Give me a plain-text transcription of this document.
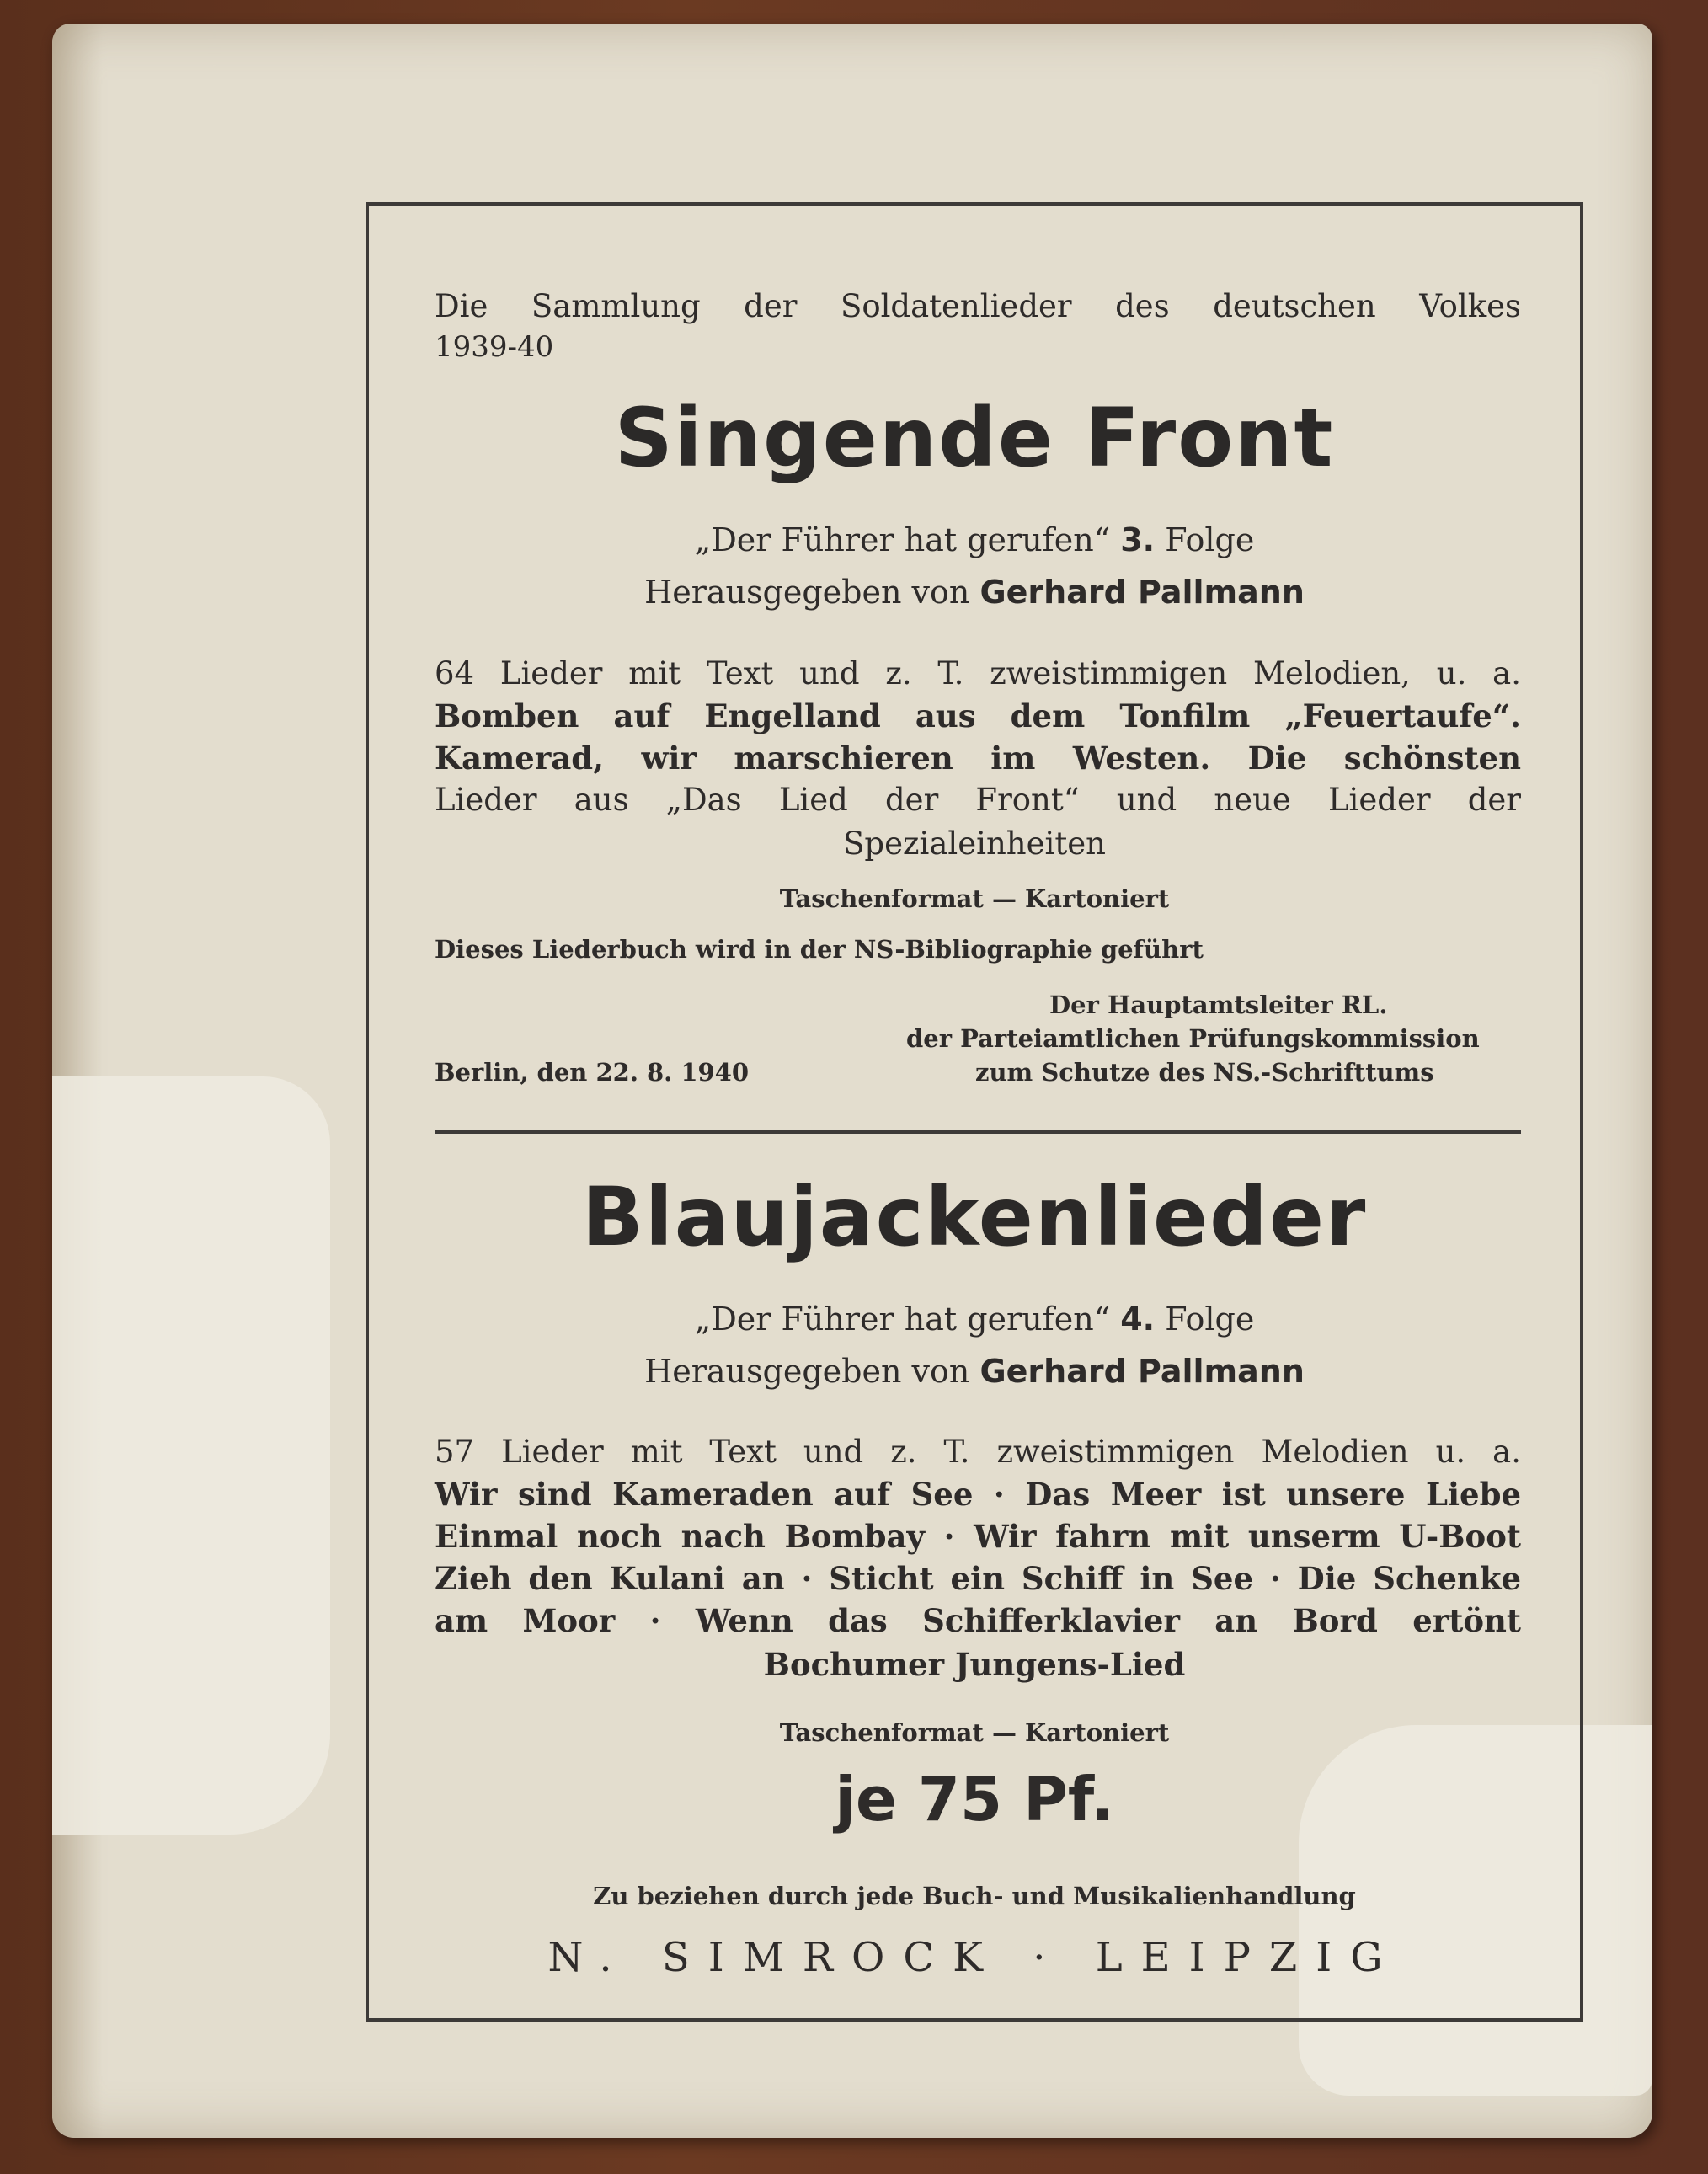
Die Sammlung der Soldatenlieder des deutschen Volkes
1939-40
Singende Front
„Der Führer hat gerufen“ 3. Folge
Herausgegeben von Gerhard Pallmann
64 Lieder mit Text und z. T. zweistimmigen Melodien, u. a.
Bomben auf Engelland aus dem Tonfilm „Feuertaufe“.
Kamerad, wir marschieren im Westen. Die schönsten
Lieder aus „Das Lied der Front“ und neue Lieder der
Spezialeinheiten
Taschenformat — Kartoniert
Dieses Liederbuch wird in der NS-Bibliographie geführt
Der Hauptamtsleiter RL.
der Parteiamtlichen Prüfungskommission
Berlin, den 22. 8. 1940	zum Schutze des NS.-Schrifttums
Blaujackenlieder
„Der Führer hat gerufen“ 4. Folge
Herausgegeben von Gerhard Pallmann
57 Lieder mit Text und z. T. zweistimmigen Melodien u. a.
Wir sind Kameraden auf See · Das Meer ist unsere Liebe
Einmal noch nach Bombay · Wir fahrn mit unserm U-Boot
Zieh den Kulani an · Sticht ein Schiff in See · Die Schenke
am Moor · Wenn das Schifferklavier an Bord ertönt
Bochumer Jungens-Lied
Taschenformat — Kartoniert
je 75 Pf.
Zu beziehen durch jede Buch- und Musikalienhandlung
N. SIMROCK · LEIPZIG
